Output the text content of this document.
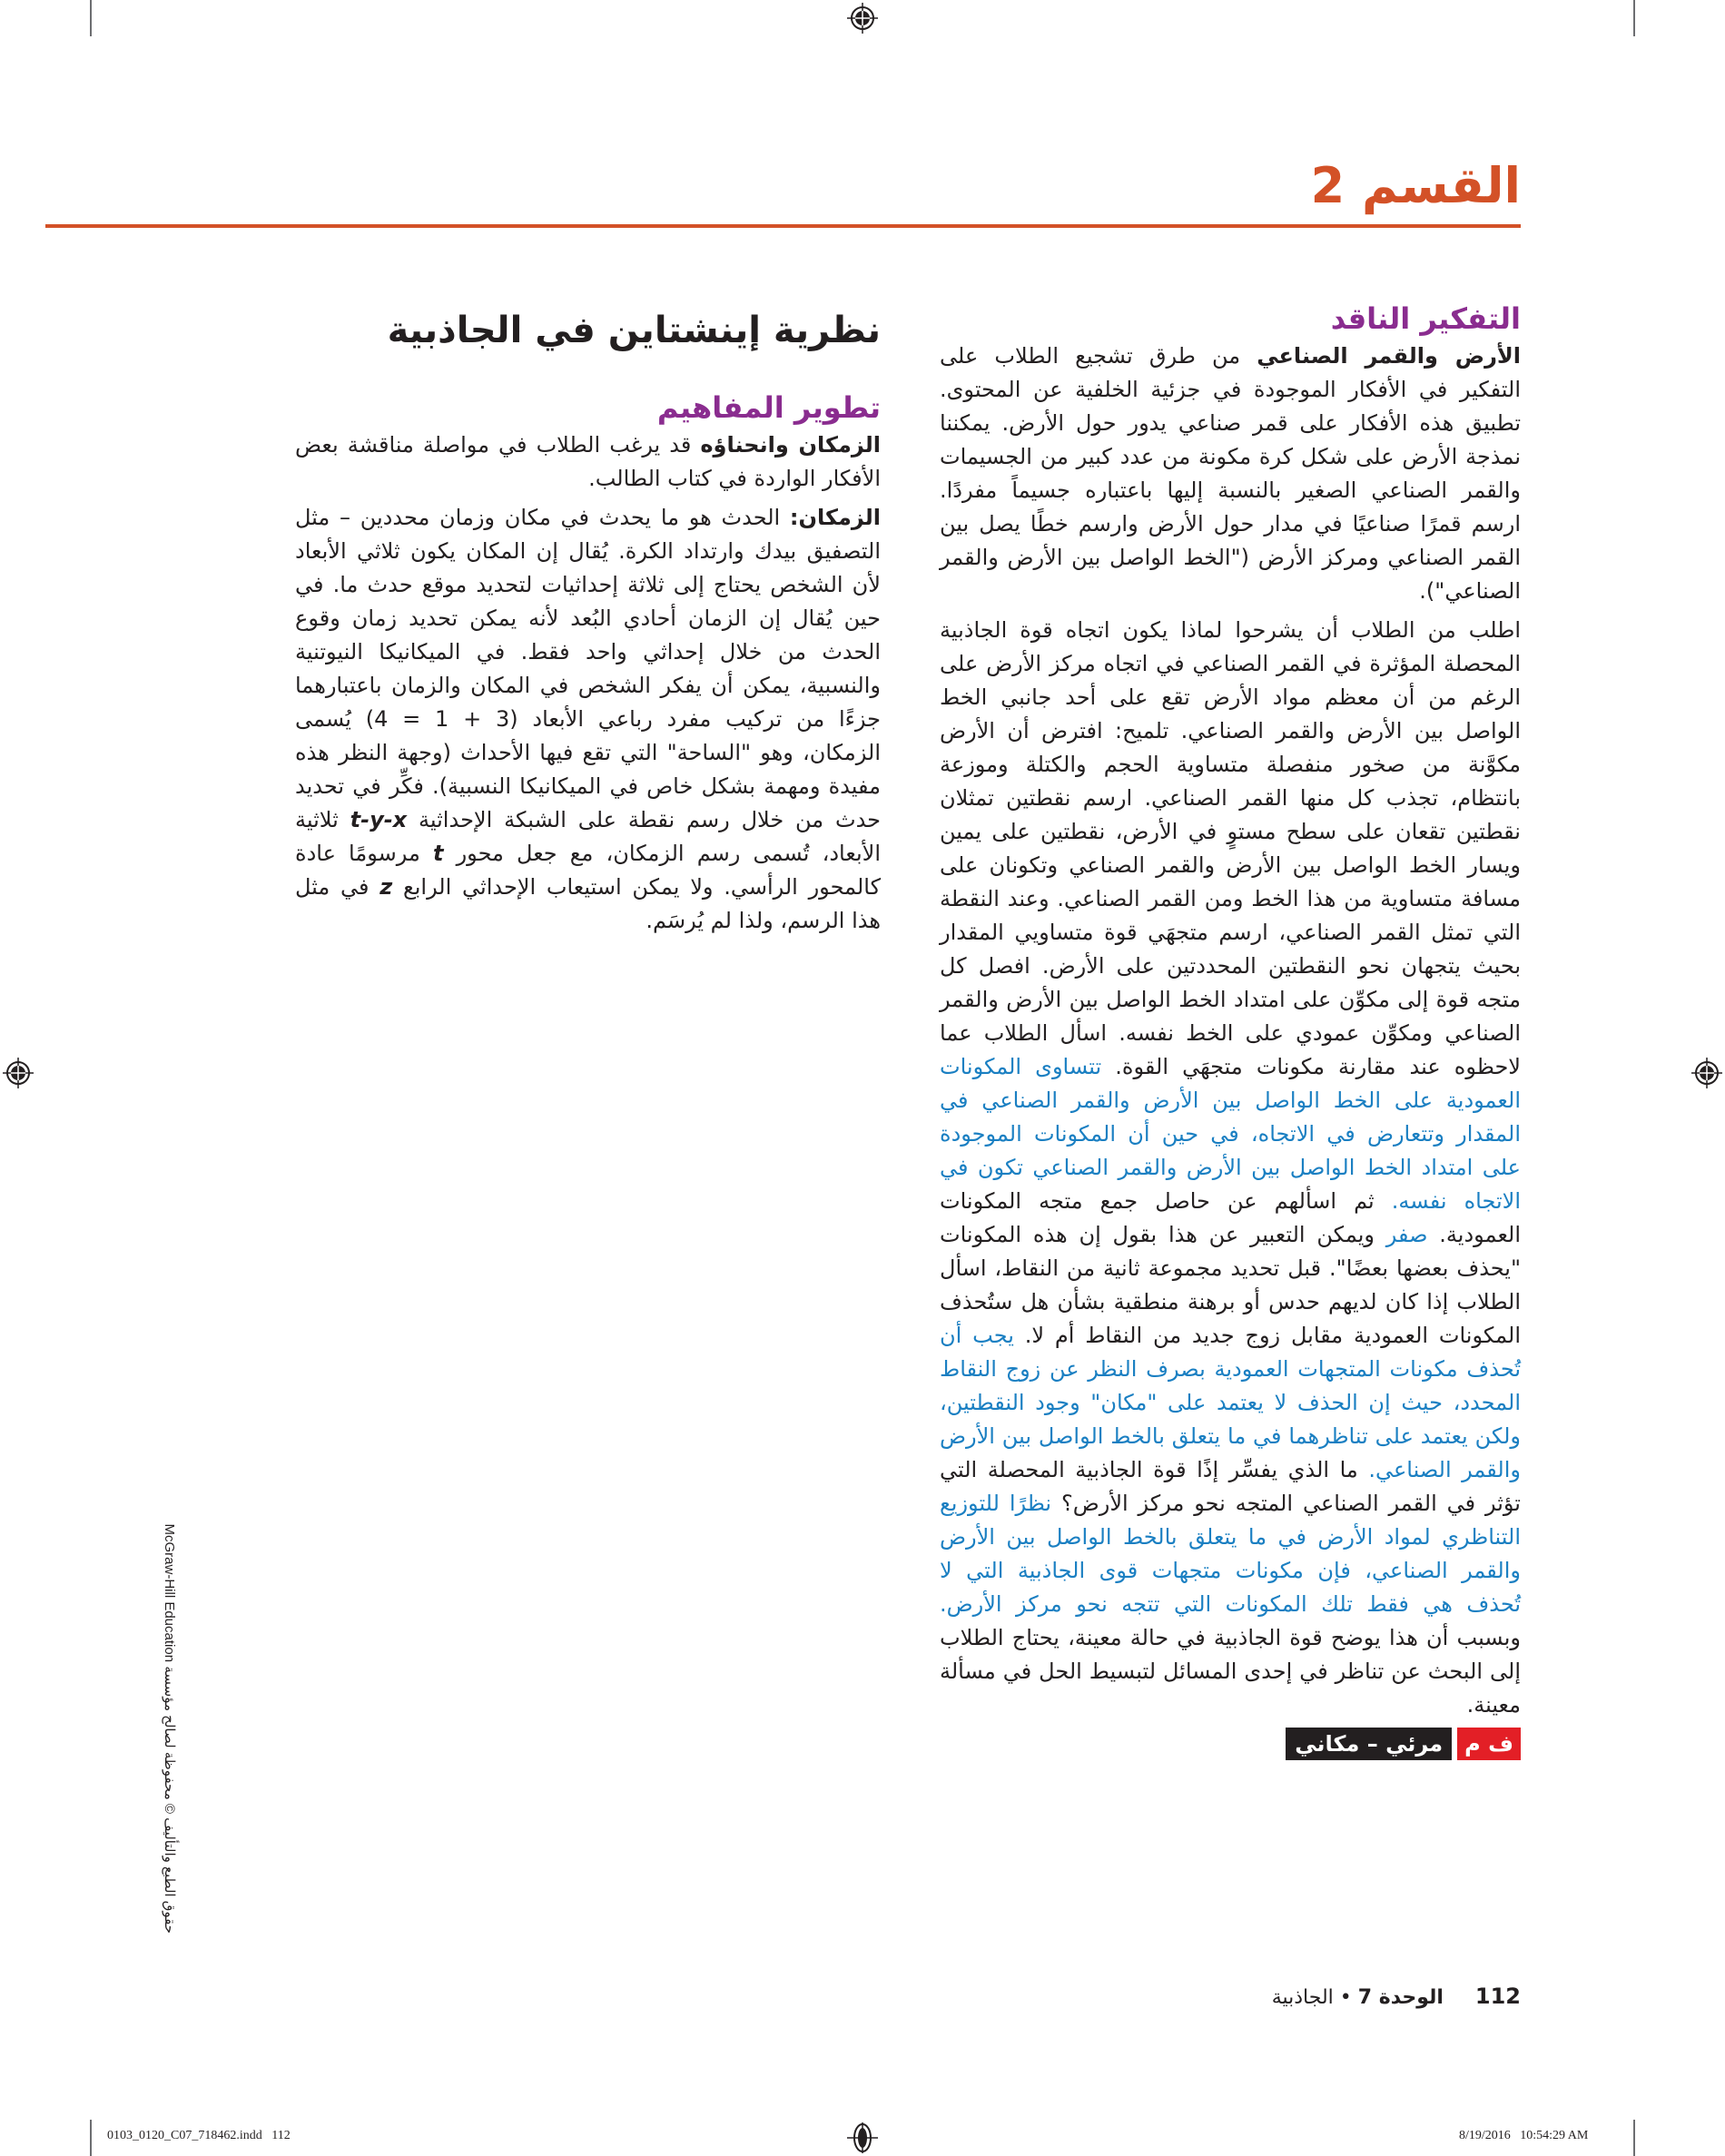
القسم 2
التفكير الناقد

الأرض والقمر الصناعي من طرق تشجيع الطلاب على التفكير في الأفكار الموجودة في جزئية الخلفية عن المحتوى. تطبيق هذه الأفكار على قمر صناعي يدور حول الأرض. يمكننا نمذجة الأرض على شكل كرة مكونة من عدد كبير من الجسيمات والقمر الصناعي الصغير بالنسبة إليها باعتباره جسيماً مفردًا. ارسم قمرًا صناعيًا في مدار حول الأرض وارسم خطًا يصل بين القمر الصناعي ومركز الأرض ("الخط الواصل بين الأرض والقمر الصناعي").

اطلب من الطلاب أن يشرحوا لماذا يكون اتجاه قوة الجاذبية المحصلة المؤثرة في القمر الصناعي في اتجاه مركز الأرض على الرغم من أن معظم مواد الأرض تقع على أحد جانبي الخط الواصل بين الأرض والقمر الصناعي. تلميح: افترض أن الأرض مكوَّنة من صخور منفصلة متساوية الحجم والكتلة وموزعة بانتظام، تجذب كل منها القمر الصناعي. ارسم نقطتين تمثلان نقطتين تقعان على سطح مستوٍ في الأرض، نقطتين على يمين ويسار الخط الواصل بين الأرض والقمر الصناعي وتكونان على مسافة متساوية من هذا الخط ومن القمر الصناعي. وعند النقطة التي تمثل القمر الصناعي، ارسم متجهَي قوة متساويي المقدار بحيث يتجهان نحو النقطتين المحددتين على الأرض. افصل كل متجه قوة إلى مكوِّن على امتداد الخط الواصل بين الأرض والقمر الصناعي ومكوِّن عمودي على الخط نفسه. اسأل الطلاب عما لاحظوه عند مقارنة مكونات متجهَي القوة. تتساوى المكونات العمودية على الخط الواصل بين الأرض والقمر الصناعي في المقدار وتتعارض في الاتجاه، في حين أن المكونات الموجودة على امتداد الخط الواصل بين الأرض والقمر الصناعي تكون في الاتجاه نفسه. ثم اسألهم عن حاصل جمع متجه المكونات العمودية. صفر ويمكن التعبير عن هذا بقول إن هذه المكونات "يحذف بعضها بعضًا". قبل تحديد مجموعة ثانية من النقاط، اسأل الطلاب إذا كان لديهم حدس أو برهنة منطقية بشأن هل ستُحذف المكونات العمودية مقابل زوج جديد من النقاط أم لا. يجب أن تُحذف مكونات المتجهات العمودية بصرف النظر عن زوج النقاط المحدد، حيث إن الحذف لا يعتمد على "مكان" وجود النقطتين، ولكن يعتمد على تناظرهما في ما يتعلق بالخط الواصل بين الأرض والقمر الصناعي. ما الذي يفسِّر إذًا قوة الجاذبية المحصلة التي تؤثر في القمر الصناعي المتجه نحو مركز الأرض؟ نظرًا للتوزيع التناظري لمواد الأرض في ما يتعلق بالخط الواصل بين الأرض والقمر الصناعي، فإن مكونات متجهات قوى الجاذبية التي لا تُحذف هي فقط تلك المكونات التي تتجه نحو مركز الأرض. وبسبب أن هذا يوضح قوة الجاذبية في حالة معينة، يحتاج الطلاب إلى البحث عن تناظر في إحدى المسائل لتبسيط الحل في مسألة معينة.

ف م
مرئي – مكاني
نظرية إينشتاين في الجاذبية
تطوير المفاهيم

الزمكان وانحناؤه قد يرغب الطلاب في مواصلة مناقشة بعض الأفكار الواردة في كتاب الطالب.

الزمكان: الحدث هو ما يحدث في مكان وزمان محددين – مثل التصفيق بيدك وارتداد الكرة. يُقال إن المكان يكون ثلاثي الأبعاد لأن الشخص يحتاج إلى ثلاثة إحداثيات لتحديد موقع حدث ما. في حين يُقال إن الزمان أحادي البُعد لأنه يمكن تحديد زمان وقوع الحدث من خلال إحداثي واحد فقط. في الميكانيكا النيوتنية والنسبية، يمكن أن يفكر الشخص في المكان والزمان باعتبارهما جزءًا من تركيب مفرد رباعي الأبعاد (3 + 1 = 4) يُسمى الزمكان، وهو "الساحة" التي تقع فيها الأحداث (وجهة النظر هذه مفيدة ومهمة بشكل خاص في الميكانيكا النسبية). فكِّر في تحديد حدث من خلال رسم نقطة على الشبكة الإحداثية t-y-x ثلاثية الأبعاد، تُسمى رسم الزمكان، مع جعل محور t مرسومًا عادة كالمحور الرأسي. ولا يمكن استيعاب الإحداثي الرابع z في مثل هذا الرسم، ولذا لم يُرسَم.

حقوق الطبع والتأليف © محفوظة لصالح مؤسسة McGraw-Hill Education
112 الوحدة 7 • الجاذبية
0103_0120_C07_718462.indd   112	8/19/2016   10:54:29 AM
